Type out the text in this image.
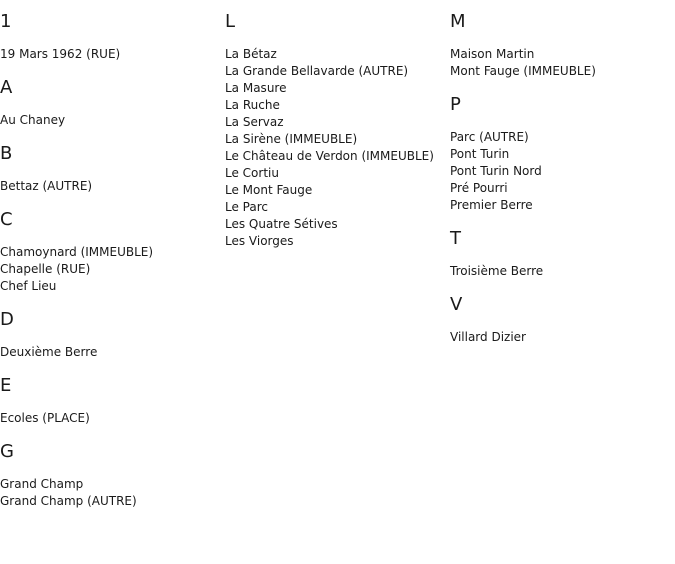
1
19 Mars 1962 (RUE)
A
Au Chaney
B
Bettaz (AUTRE)
C
Chamoynard (IMMEUBLE)
Chapelle (RUE)
Chef Lieu
D
Deuxième Berre
E
Ecoles (PLACE)
G
Grand Champ
Grand Champ (AUTRE)
L
La Bétaz
La Grande Bellavarde (AUTRE)
La Masure
La Ruche
La Servaz
La Sirène (IMMEUBLE)
Le Château de Verdon (IMMEUBLE)
Le Cortiu
Le Mont Fauge
Le Parc
Les Quatre Sétives
Les Viorges
M
Maison Martin
Mont Fauge (IMMEUBLE)
P
Parc (AUTRE)
Pont Turin
Pont Turin Nord
Pré Pourri
Premier Berre
T
Troisième Berre
V
Villard Dizier
